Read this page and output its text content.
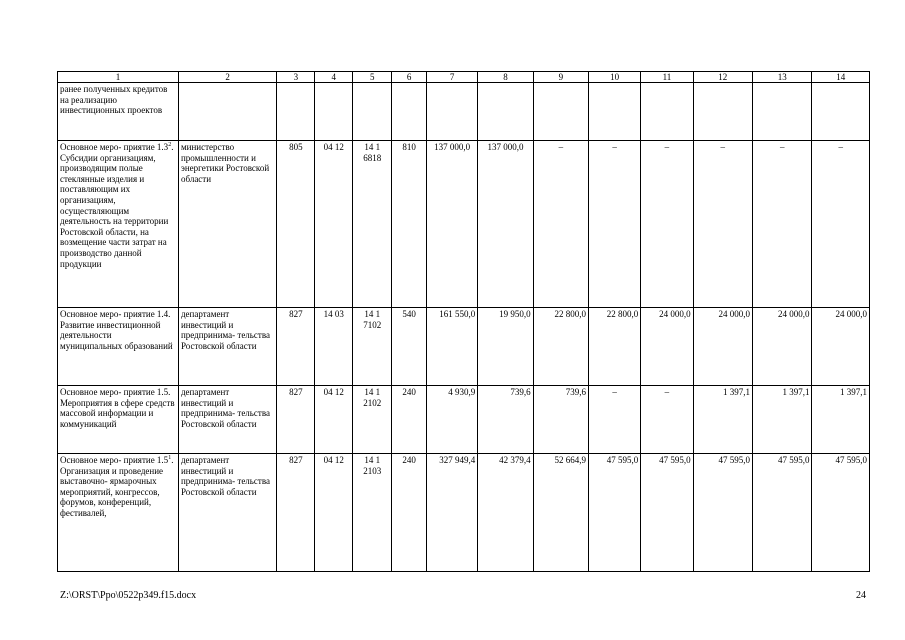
1	2	3	4	5	6	7	8	9	10	11	12	13	14
ранее полученных кредитов на реализацию инвестиционных проектов													
Основное меро- приятие $1.3^2$. Субсидии организациям, производящим полые стеклянные изделия и поставляющим их организациям, осуществляющим деятельность на территории Ростовской области, на возмещение части затрат на производство данной продукции	министерство промышленности и энергетики Ростовской области	805	04 12	14 1 6818	810	137 000,0	137 000,0	–	–	–	–	–	–
Основное меро- приятие 1.4. Развитие инвестиционной деятельности муниципальных образований	департамент инвестиций и предпринима- тельства Ростовской области	827	14 03	14 1 7102	540	161 550,0	19 950,0	22 800,0	22 800,0	24 000,0	24 000,0	24 000,0	24 000,0
Основное меро- приятие 1.5. Мероприятия в сфере средств массовой информации и коммуникаций	департамент инвестиций и предпринима- тельства Ростовской области	827	04 12	14 1 2102	240	4 930,9	739,6	739,6	–	–	1 397,1	1 397,1	1 397,1
Основное меро- приятие $1.5^1$. Организация и проведение выставочно- ярмарочных мероприятий, конгрессов, форумов, конференций, фестивалей,	департамент инвестиций и предпринима- тельства Ростовской области	827	04 12	14 1 2103	240	327 949,4	42 379,4	52 664,9	47 595,0	47 595,0	47 595,0	47 595,0	47 595,0
Z:\ORST\Ppo\0522p349.f15.docx	24
